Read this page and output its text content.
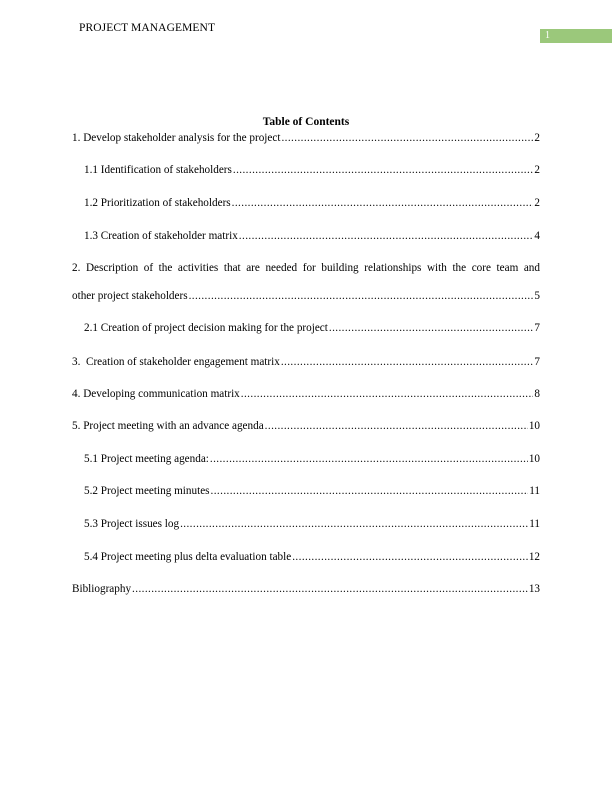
PROJECT MANAGEMENT
1
Table of Contents
1. Develop stakeholder analysis for the project .....	2
1.1 Identification of stakeholders .....	2
1.2 Prioritization of stakeholders .....	2
1.3 Creation of stakeholder matrix .....	4
2. Description of the activities that are needed for building relationships with the core team and
other project stakeholders .....	5
2.1 Creation of project decision making for the project .....	7
3.  Creation of stakeholder engagement matrix .....	7
4. Developing communication matrix .....	8
5. Project meeting with an advance agenda .....	10
5.1 Project meeting agenda: .....	10
5.2 Project meeting minutes .....	11
5.3 Project issues log .....	11
5.4 Project meeting plus delta evaluation table .....	12
Bibliography .....	13
